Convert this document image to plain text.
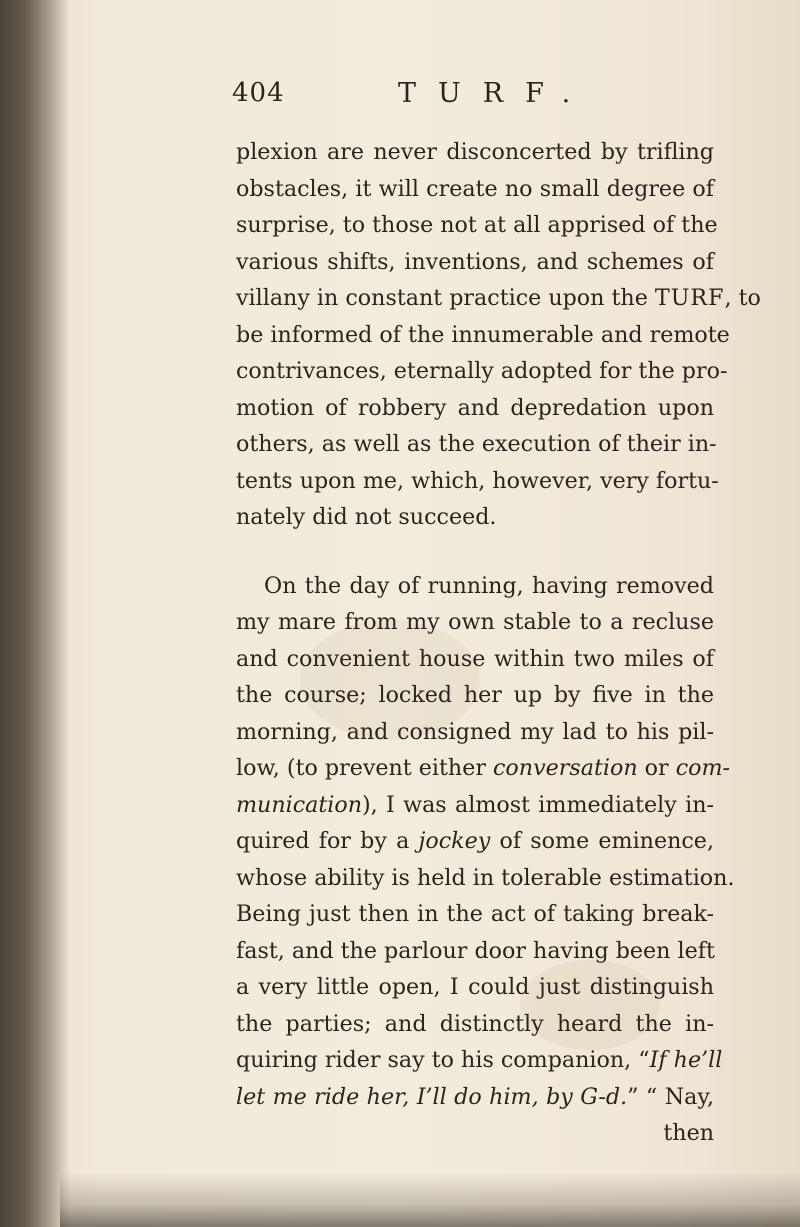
404	TURF.
plexion are never disconcerted by trifling
obstacles, it will create no small degree of
surprise, to those not at all apprised of the
various shifts, inventions, and schemes of
villany in constant practice upon the TURF, to
be informed of the innumerable and remote
contrivances, eternally adopted for the pro-
motion of robbery and depredation upon
others, as well as the execution of their in-
tents upon me, which, however, very fortu-
nately did not succeed.
On the day of running, having removed
my mare from my own stable to a recluse
and convenient house within two miles of
the course; locked her up by five in the
morning, and consigned my lad to his pil-
low, (to prevent either conversation or com-
munication), I was almost immediately in-
quired for by a jockey of some eminence,
whose ability is held in tolerable estimation.
Being just then in the act of taking break-
fast, and the parlour door having been left
a very little open, I could just distinguish
the parties; and distinctly heard the in-
quiring rider say to his companion, “If he’ll
let me ride her, I’ll do him, by G-d.” “ Nay,
then
